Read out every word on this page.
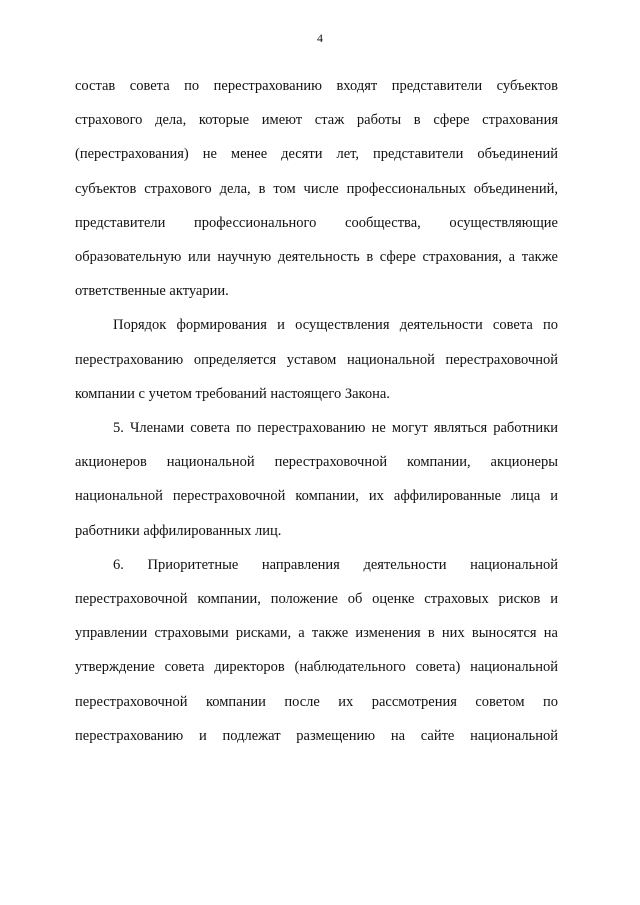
4

состав совета по перестрахованию входят представители субъектов страхового дела, которые имеют стаж работы в сфере страхования (перестрахования) не менее десяти лет, представители объединений субъектов страхового дела, в том числе профессиональных объединений, представители профессионального сообщества, осуществляющие образовательную или научную деятельность в сфере страхования, а также ответственные актуарии.

Порядок формирования и осуществления деятельности совета по перестрахованию определяется уставом национальной перестраховочной компании с учетом требований настоящего Закона.

5. Членами совета по перестрахованию не могут являться работники акционеров национальной перестраховочной компании, акционеры национальной перестраховочной компании, их аффилированные лица и работники аффилированных лиц.

6. Приоритетные направления деятельности национальной перестраховочной компании, положение об оценке страховых рисков и управлении страховыми рисками, а также изменения в них выносятся на утверждение совета директоров (наблюдательного совета) национальной перестраховочной компании после их рассмотрения советом по перестрахованию и подлежат размещению на сайте национальной
